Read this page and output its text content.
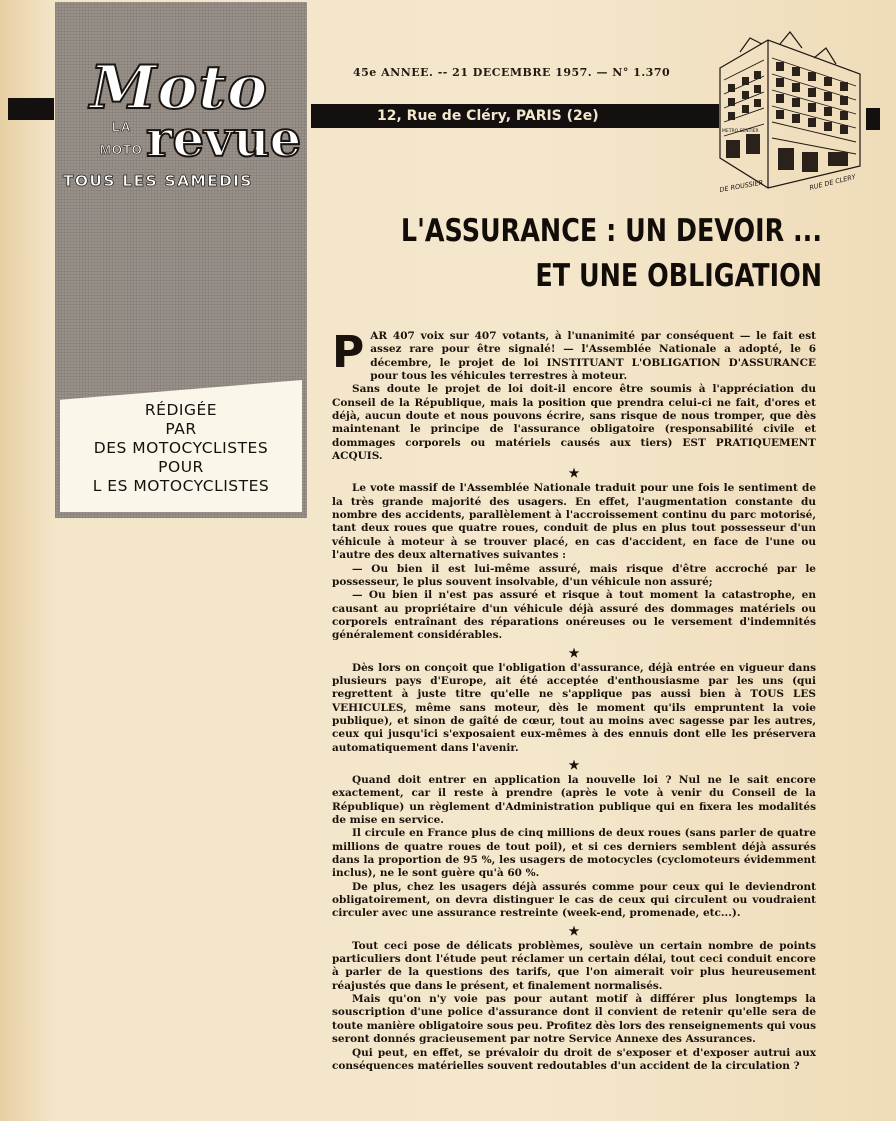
Moto
LA
MOTO revue
TOUS LES SAMEDIS
RÉDIGÉE
PAR
DES MOTOCYCLISTES
POUR
L ES MOTOCYCLISTES
45e ANNEE. -- 21 DECEMBRE 1957. — N° 1.370
12, Rue de Cléry, PARIS (2e)
DE ROUSSIER	RUE DE CLERY
METRO SENTIER
L'ASSURANCE : UN DEVOIR ...
ET UNE OBLIGATION
P AR 407 voix sur 407 votants, à l'unanimité par conséquent — le fait est assez rare pour être signalé! — l'Assemblée Nationale a adopté, le 6 décembre, le projet de loi INSTITUANT L'OBLIGATION D'ASSURANCE pour tous les véhicules terrestres à moteur.

Sans doute le projet de loi doit-il encore être soumis à l'appréciation du Conseil de la République, mais la position que prendra celui-ci ne fait, d'ores et déjà, aucun doute et nous pouvons écrire, sans risque de nous tromper, que dès maintenant le principe de l'assurance obligatoire (responsabilité civile et dommages corporels ou matériels causés aux tiers) EST PRATIQUEMENT ACQUIS.

★

Le vote massif de l'Assemblée Nationale traduit pour une fois le sentiment de la très grande majorité des usagers. En effet, l'augmentation constante du nombre des accidents, parallèlement à l'accroissement continu du parc motorisé, tant deux roues que quatre roues, conduit de plus en plus tout possesseur d'un véhicule à moteur à se trouver placé, en cas d'accident, en face de l'une ou l'autre des deux alternatives suivantes :

— Ou bien il est lui-même assuré, mais risque d'être accroché par le possesseur, le plus souvent insolvable, d'un véhicule non assuré;

— Ou bien il n'est pas assuré et risque à tout moment la catastrophe, en causant au propriétaire d'un véhicule déjà assuré des dommages matériels ou corporels entraînant des réparations onéreuses ou le versement d'indemnités généralement considérables.

★

Dès lors on conçoit que l'obligation d'assurance, déjà entrée en vigueur dans plusieurs pays d'Europe, ait été acceptée d'enthousiasme par les uns (qui regrettent à juste titre qu'elle ne s'applique pas aussi bien à TOUS LES VEHICULES, même sans moteur, dès le moment qu'ils empruntent la voie publique), et sinon de gaîté de cœur, tout au moins avec sagesse par les autres, ceux qui jusqu'ici s'exposaient eux-mêmes à des ennuis dont elle les préservera automatiquement dans l'avenir.

★

Quand doit entrer en application la nouvelle loi ? Nul ne le sait encore exactement, car il reste à prendre (après le vote à venir du Conseil de la République) un règlement d'Administration publique qui en fixera les modalités de mise en service.

Il circule en France plus de cinq millions de deux roues (sans parler de quatre millions de quatre roues de tout poil), et si ces derniers semblent déjà assurés dans la proportion de 95 %, les usagers de motocycles (cyclomoteurs évidemment inclus), ne le sont guère qu'à 60 %.

De plus, chez les usagers déjà assurés comme pour ceux qui le deviendront obligatoirement, on devra distinguer le cas de ceux qui circulent ou voudraient circuler avec une assurance restreinte (week-end, promenade, etc...).

★

Tout ceci pose de délicats problèmes, soulève un certain nombre de points particuliers dont l'étude peut réclamer un certain délai, tout ceci conduit encore à parler de la questions des tarifs, que l'on aimerait voir plus heureusement réajustés que dans le présent, et finalement normalisés.

Mais qu'on n'y voie pas pour autant motif à différer plus longtemps la souscription d'une police d'assurance dont il convient de retenir qu'elle sera de toute manière obligatoire sous peu. Profitez dès lors des renseignements qui vous seront donnés gracieusement par notre Service Annexe des Assurances.

Qui peut, en effet, se prévaloir du droit de s'exposer et d'exposer autrui aux conséquences matérielles souvent redoutables d'un accident de la circulation ?
